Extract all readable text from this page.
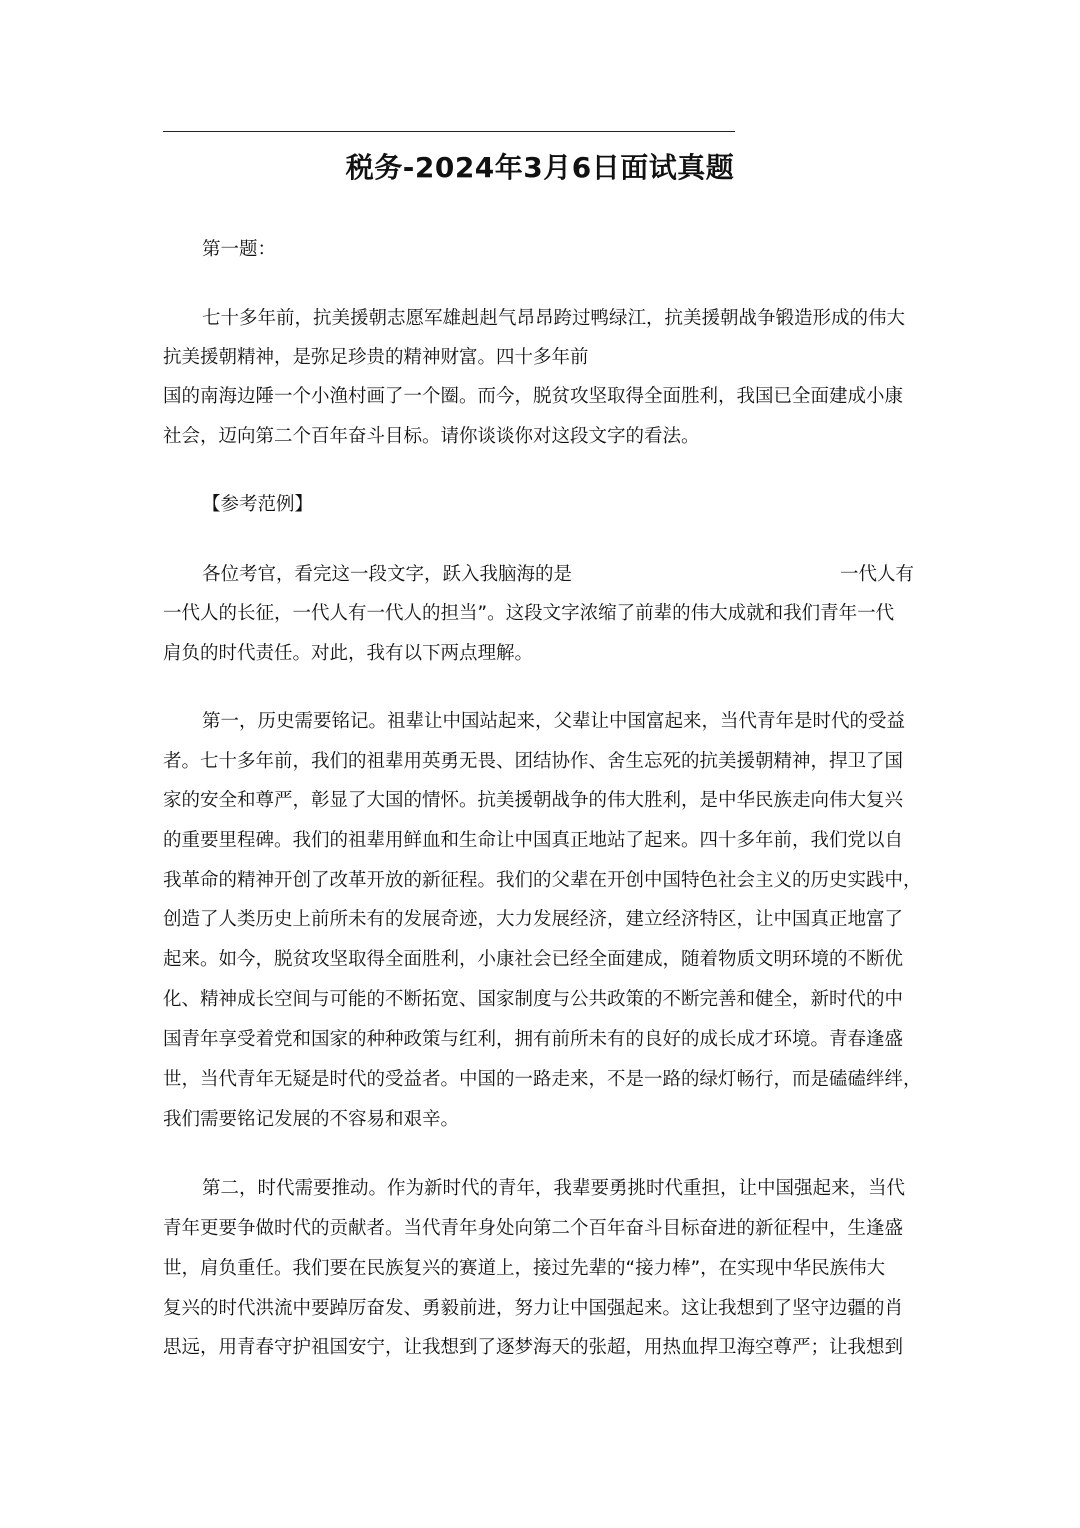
税务-2024年3月6日面试真题
第一题：
七十多年前，抗美援朝志愿军雄赳赳气昂昂跨过鸭绿江，抗美援朝战争锻造形成的伟大
抗美援朝精神，是弥足珍贵的精神财富。四十多年前
国的南海边陲一个小渔村画了一个圈。而今，脱贫攻坚取得全面胜利，我国已全面建成小康
社会，迈向第二个百年奋斗目标。请你谈谈你对这段文字的看法。
【参考范例】
各位考官，看完这一段文字，跃入我脑海的是	一代人有
一代人的长征，一代人有一代人的担当”。这段文字浓缩了前辈的伟大成就和我们青年一代
肩负的时代责任。对此，我有以下两点理解。
第一，历史需要铭记。祖辈让中国站起来，父辈让中国富起来，当代青年是时代的受益
者。七十多年前，我们的祖辈用英勇无畏、团结协作、舍生忘死的抗美援朝精神，捍卫了国
家的安全和尊严，彰显了大国的情怀。抗美援朝战争的伟大胜利，是中华民族走向伟大复兴
的重要里程碑。我们的祖辈用鲜血和生命让中国真正地站了起来。四十多年前，我们党以自
我革命的精神开创了改革开放的新征程。我们的父辈在开创中国特色社会主义的历史实践中，
创造了人类历史上前所未有的发展奇迹，大力发展经济，建立经济特区，让中国真正地富了
起来。如今，脱贫攻坚取得全面胜利，小康社会已经全面建成，随着物质文明环境的不断优
化、精神成长空间与可能的不断拓宽、国家制度与公共政策的不断完善和健全，新时代的中
国青年享受着党和国家的种种政策与红利，拥有前所未有的良好的成长成才环境。青春逢盛
世，当代青年无疑是时代的受益者。中国的一路走来，不是一路的绿灯畅行，而是磕磕绊绊，
我们需要铭记发展的不容易和艰辛。
第二，时代需要推动。作为新时代的青年，我辈要勇挑时代重担，让中国强起来，当代
青年更要争做时代的贡献者。当代青年身处向第二个百年奋斗目标奋进的新征程中，生逢盛
世，肩负重任。我们要在民族复兴的赛道上，接过先辈的“接力棒”，在实现中华民族伟大
复兴的时代洪流中要踔厉奋发、勇毅前进，努力让中国强起来。这让我想到了坚守边疆的肖
思远，用青春守护祖国安宁，让我想到了逐梦海天的张超，用热血捍卫海空尊严；让我想到
